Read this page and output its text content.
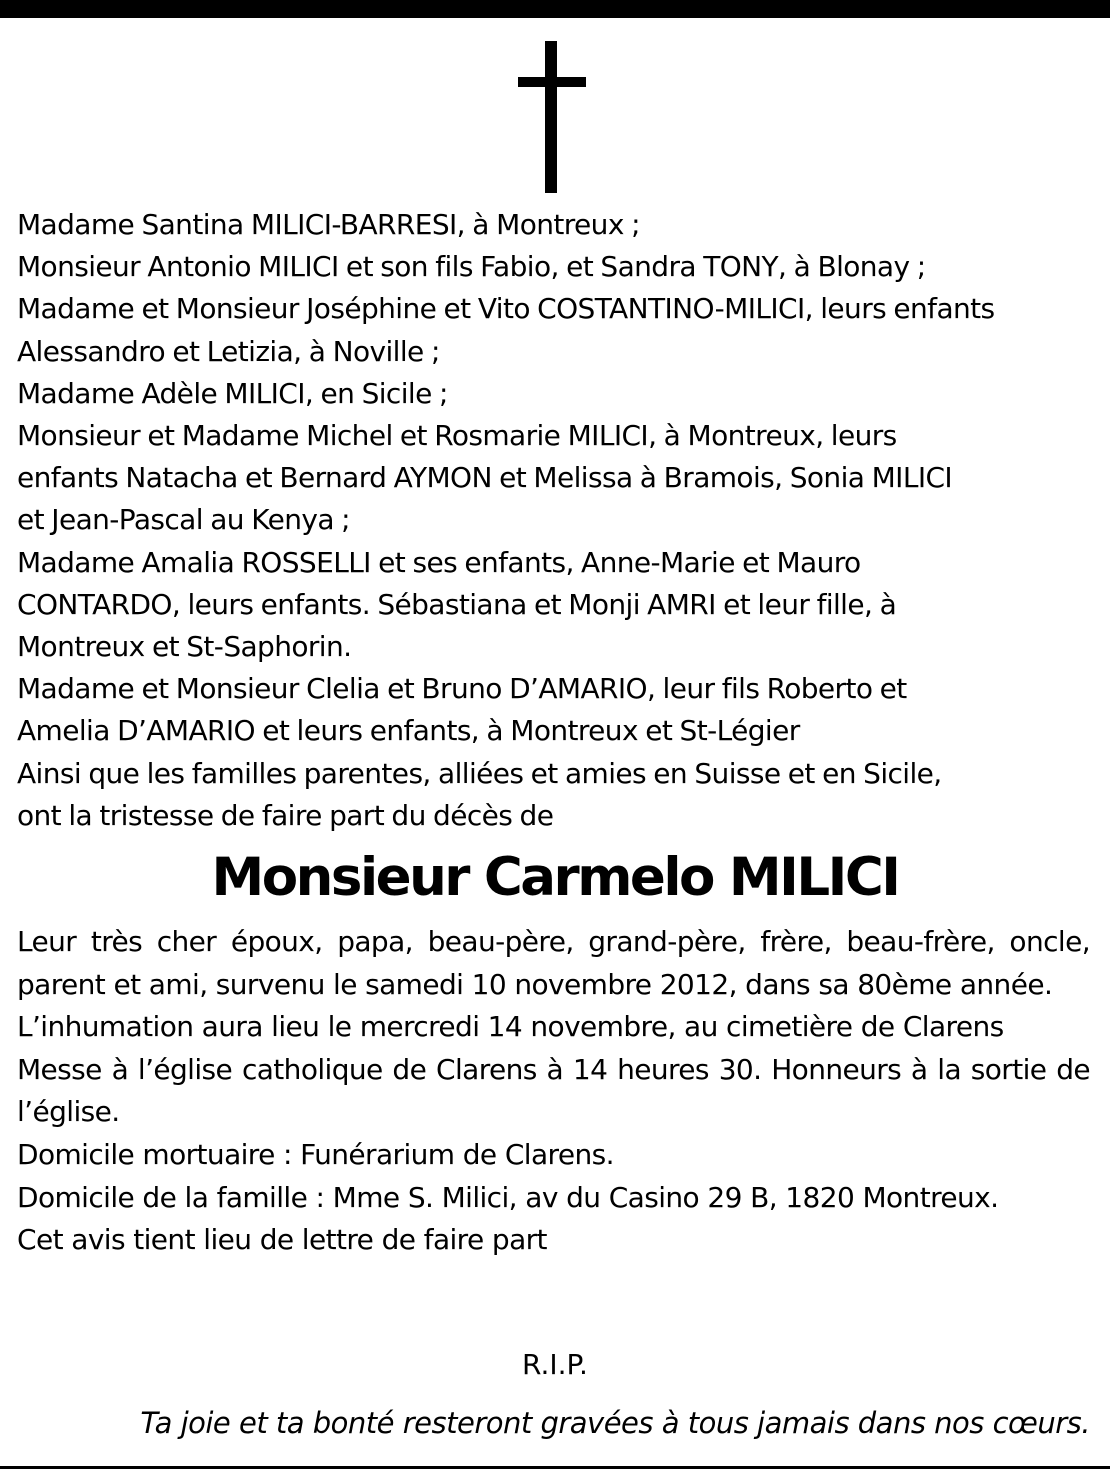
Madame Santina MILICI-BARRESI, à Montreux ;
Monsieur Antonio MILICI et son fils Fabio, et Sandra TONY, à Blonay ;
Madame et Monsieur Joséphine et Vito COSTANTINO-MILICI, leurs enfants
Alessandro et Letizia, à Noville ;
Madame Adèle MILICI, en Sicile ;
Monsieur et Madame Michel et Rosmarie MILICI, à Montreux, leurs
enfants Natacha et Bernard AYMON et Melissa à Bramois, Sonia MILICI
et Jean-Pascal au Kenya ;
Madame Amalia ROSSELLI et ses enfants, Anne-Marie et Mauro
CONTARDO, leurs enfants. Sébastiana et Monji AMRI et leur fille, à
Montreux et St-Saphorin.
Madame et Monsieur Clelia et Bruno D’AMARIO, leur fils Roberto et
Amelia D’AMARIO et leurs enfants, à Montreux et St-Légier
Ainsi que les familles parentes, alliées et amies en Suisse et en Sicile,
ont la tristesse de faire part du décès de
Monsieur Carmelo MILICI

Leur très cher époux, papa, beau-père, grand-père, frère, beau-frère, oncle, parent et ami, survenu le samedi 10 novembre 2012, dans sa 80ème année.

L’inhumation aura lieu le mercredi 14 novembre, au cimetière de Clarens

Messe à l’église catholique de Clarens à 14 heures 30. Honneurs à la sortie de l’église.

Domicile mortuaire : Funérarium de Clarens.

Domicile de la famille : Mme S. Milici, av du Casino 29 B, 1820 Montreux.

Cet avis tient lieu de lettre de faire part

R.I.P.
Ta joie et ta bonté resteront gravées à tous jamais dans nos cœurs.
